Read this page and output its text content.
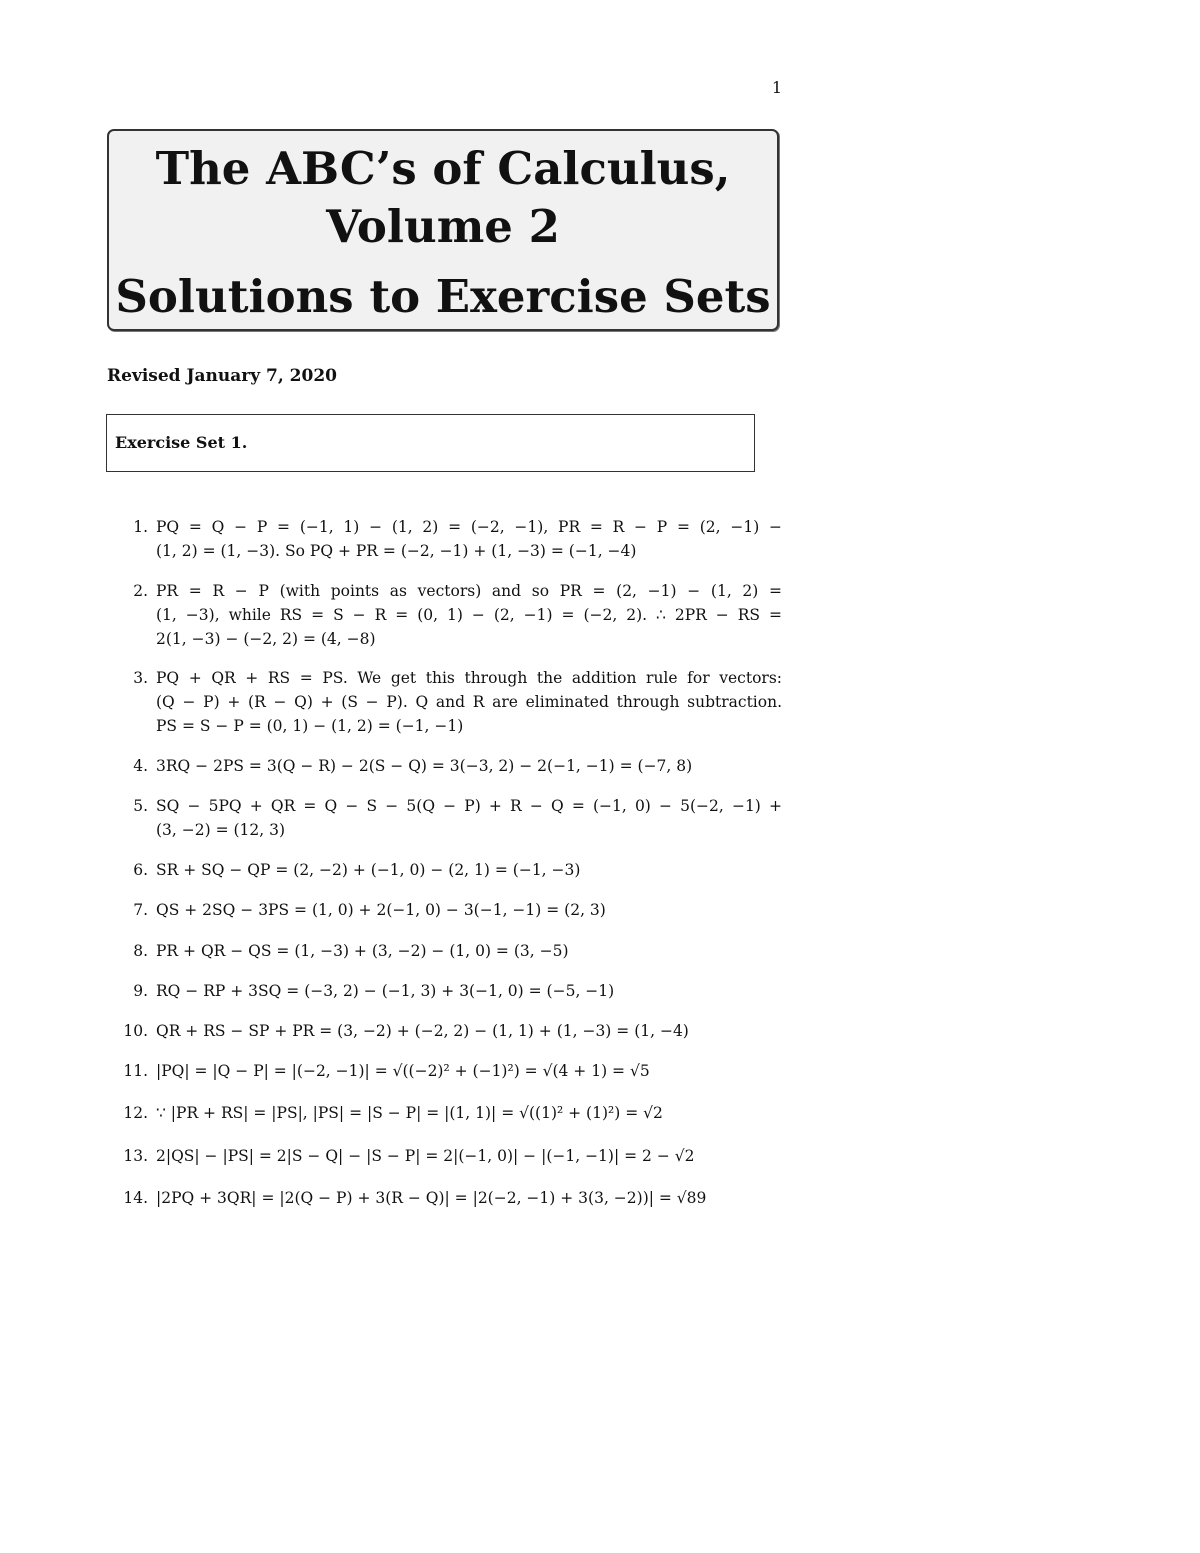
1
The ABC’s of Calculus,
Volume 2
Solutions to Exercise Sets
Revised January 7, 2020
Exercise Set 1.
1. PQ = Q − P = (−1, 1) − (1, 2) = (−2, −1), PR = R − P = (2, −1) −
(1, 2) = (1, −3). So PQ + PR = (−2, −1) + (1, −3) = (−1, −4)
2. PR = R − P (with points as vectors) and so PR = (2, −1) − (1, 2) =
(1, −3), while RS = S − R = (0, 1) − (2, −1) = (−2, 2). ∴ 2PR − RS =
2(1, −3) − (−2, 2) = (4, −8)
3. PQ + QR + RS = PS. We get this through the addition rule for vectors:
(Q − P) + (R − Q) + (S − P). Q and R are eliminated through subtraction.
PS = S − P = (0, 1) − (1, 2) = (−1, −1)
4. 3RQ − 2PS = 3(Q − R) − 2(S − Q) = 3(−3, 2) − 2(−1, −1) = (−7, 8)
5. SQ − 5PQ + QR = Q − S − 5(Q − P) + R − Q = (−1, 0) − 5(−2, −1) +
(3, −2) = (12, 3)
6. SR + SQ − QP = (2, −2) + (−1, 0) − (2, 1) = (−1, −3)
7. QS + 2SQ − 3PS = (1, 0) + 2(−1, 0) − 3(−1, −1) = (2, 3)
8. PR + QR − QS = (1, −3) + (3, −2) − (1, 0) = (3, −5)
9. RQ − RP + 3SQ = (−3, 2) − (−1, 3) + 3(−1, 0) = (−5, −1)
10. QR + RS − SP + PR = (3, −2) + (−2, 2) − (1, 1) + (1, −3) = (1, −4)
11. |PQ| = |Q − P| = |(−2, −1)| = √((−2)² + (−1)²) = √(4 + 1) = √5
12. ∵ |PR + RS| = |PS|, |PS| = |S − P| = |(1, 1)| = √((1)² + (1)²) = √2
13. 2|QS| − |PS| = 2|S − Q| − |S − P| = 2|(−1, 0)| − |(−1, −1)| = 2 − √2
14. |2PQ + 3QR| = |2(Q − P) + 3(R − Q)| = |2(−2, −1) + 3(3, −2))| = √89
